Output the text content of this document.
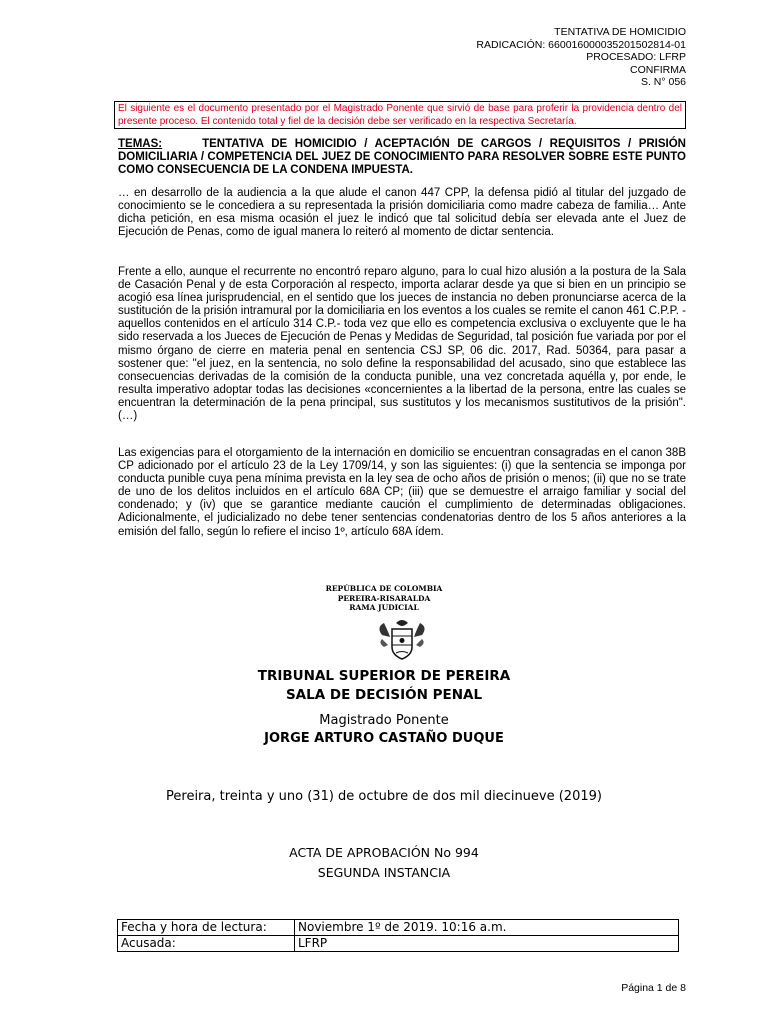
TENTATIVA DE HOMICIDIO
RADICACIÓN: 66001600003520150281​4-01
PROCESADO: LFRP
CONFIRMA
S. N° 056
El siguiente es el documento presentado por el Magistrado Ponente que sirvió de base para proferir la providencia dentro del presente proceso. El contenido total y fiel de la decisión debe ser verificado en la respectiva Secretaría.
TEMAS:	TENTATIVA DE HOMICIDIO / ACEPTACIÓN DE CARGOS / REQUISITOS / PRISIÓN DOMICILIARIA / COMPETENCIA DEL JUEZ DE CONOCIMIENTO PARA RESOLVER SOBRE ESTE PUNTO COMO CONSECUENCIA DE LA CONDENA IMPUESTA.

… en desarrollo de la audiencia a la que alude el canon 447 CPP, la defensa pidió al titular del juzgado de conocimiento se le concediera a su representada la prisión domiciliaria como madre cabeza de familia… Ante dicha petición, en esa misma ocasión el juez le indicó que tal solicitud debía ser elevada ante el Juez de Ejecución de Penas, como de igual manera lo reiteró al momento de dictar sentencia.

Frente a ello, aunque el recurrente no encontró reparo alguno, para lo cual hizo alusión a la postura de la Sala de Casación Penal y de esta Corporación al respecto, importa aclarar desde ya que si bien en un principio se acogió esa línea jurisprudencial, en el sentido que los jueces de instancia no deben pronunciarse acerca de la sustitución de la prisión intramural por la domiciliaria en los eventos a los cuales se remite el canon 461 C.P.P. -aquellos contenidos en el artículo 314 C.P.- toda vez que ello es competencia exclusiva o excluyente que le ha sido reservada a los Jueces de Ejecución de Penas y Medidas de Seguridad, tal posición fue variada por por el mismo órgano de cierre en materia penal en sentencia CSJ SP, 06 dic. 2017, Rad. 50364, para pasar a sostener que: "el juez, en la sentencia, no solo define la responsabilidad del acusado, sino que establece las consecuencias derivadas de la comisión de la conducta punible, una vez concretada aquélla y, por ende, le resulta imperativo adoptar todas las decisiones «concernientes a la libertad de la persona, entre las cuales se encuentran la determinación de la pena principal, sus sustitutos y los mecanismos sustitutivos de la prisión". (…)

Las exigencias para el otorgamiento de la internación en domicilio se encuentran consagradas en el canon 38B CP adicionado por el artículo 23 de la Ley 1709/14, y son las siguientes: (i) que la sentencia se imponga por conducta punible cuya pena mínima prevista en la ley sea de ocho años de prisión o menos; (ii) que no se trate de uno de los delitos incluidos en el artículo 68A CP; (iii) que se demuestre el arraigo familiar y social del condenado; y (iv) que se garantice mediante caución el cumplimiento de determinadas obligaciones. Adicionalmente, el judicializado no debe tener sentencias condenatorias dentro de los 5 años anteriores a la emisión del fallo, según lo refiere el inciso 1º, artículo 68A ídem.

REPÚBLICA DE COLOMBIA
PEREIRA-RISARALDA
RAMA JUDICIAL
TRIBUNAL SUPERIOR DE PEREIRA
SALA DE DECISIÓN PENAL
Magistrado Ponente
JORGE ARTURO CASTAÑO DUQUE
Pereira, treinta y uno (31) de octubre de dos mil diecinueve (2019)
ACTA DE APROBACIÓN No 994
SEGUNDA INSTANCIA
Fecha y hora de lectura:	Noviembre 1º de 2019. 10:16 a.m.
Acusada:	LFRP
Página 1 de 8
